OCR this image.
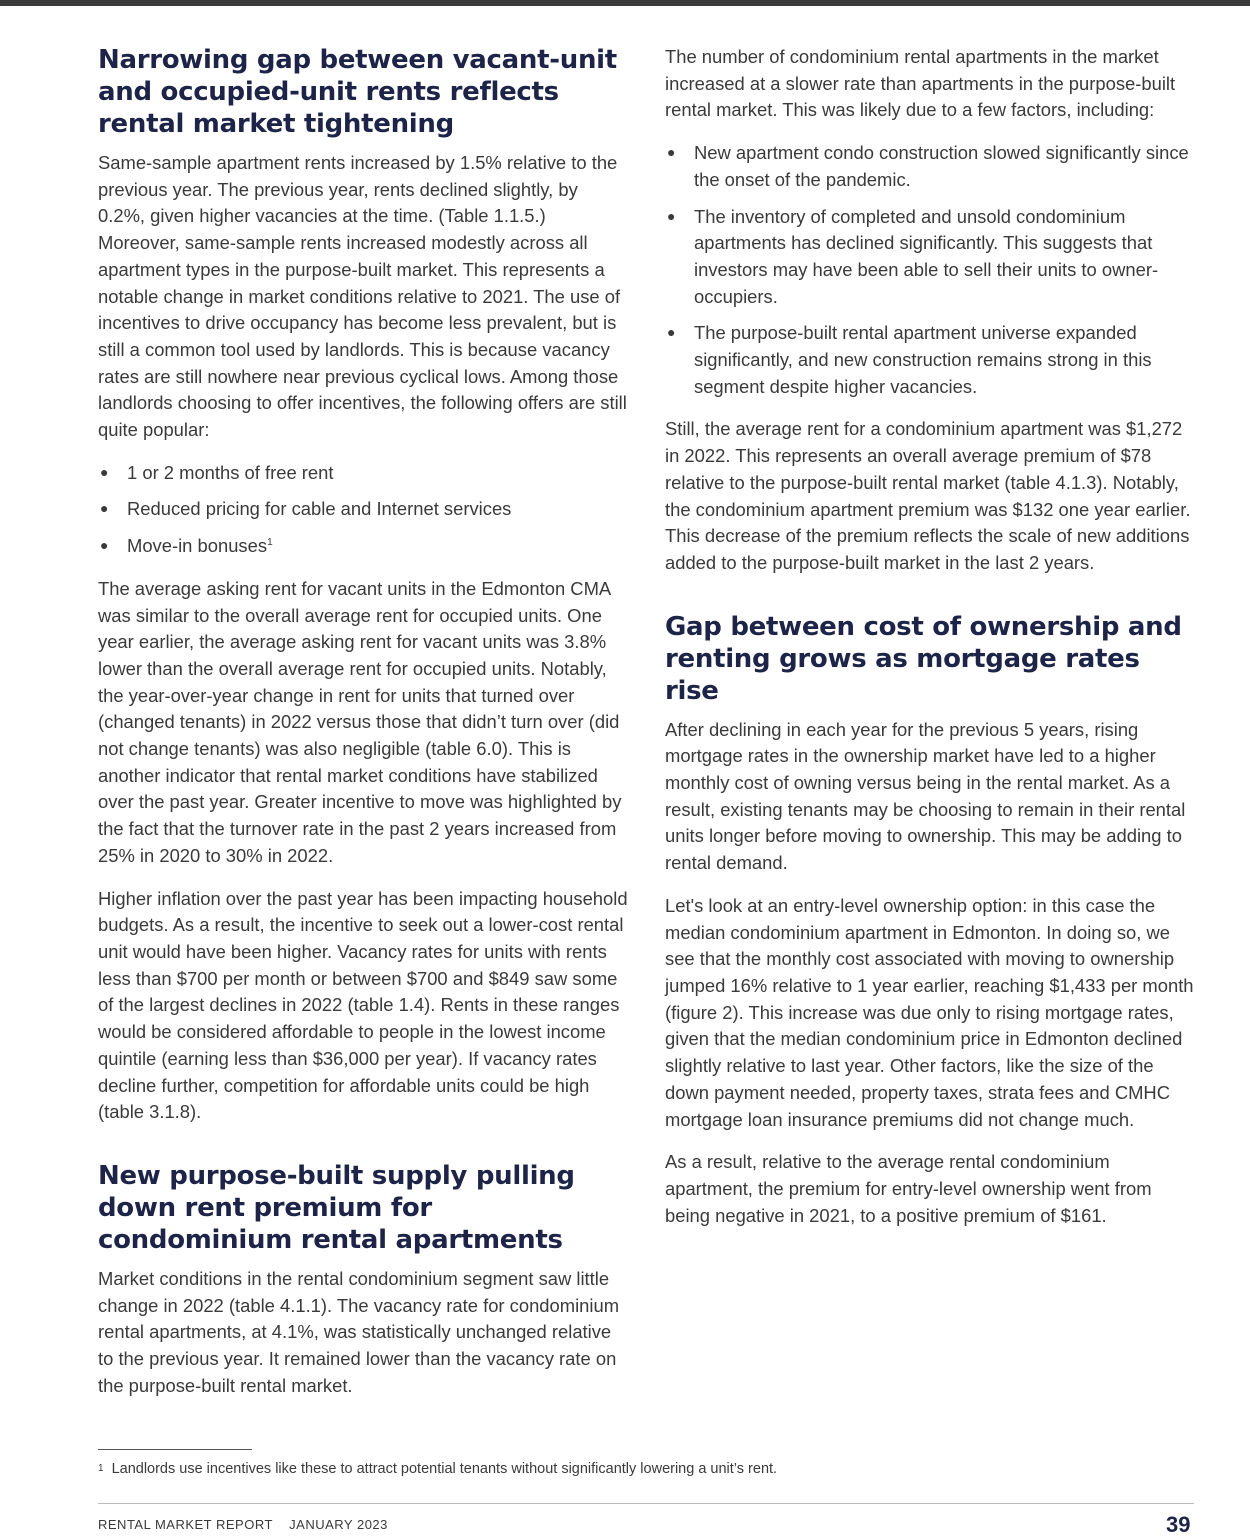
Narrowing gap between vacant-unit and occupied-unit rents reflects rental market tightening

Same-sample apartment rents increased by 1.5% relative to the previous year. The previous year, rents declined slightly, by 0.2%, given higher vacancies at the time. (Table 1.1.5.) Moreover, same-sample rents increased modestly across all apartment types in the purpose-built market. This represents a notable change in market conditions relative to 2021. The use of incentives to drive occupancy has become less prevalent, but is still a common tool used by landlords. This is because vacancy rates are still nowhere near previous cyclical lows. Among those landlords choosing to offer incentives, the following offers are still quite popular:

● 1 or 2 months of free rent
● Reduced pricing for cable and Internet services
● Move-in bonuses$^1$

The average asking rent for vacant units in the Edmonton CMA was similar to the overall average rent for occupied units. One year earlier, the average asking rent for vacant units was 3.8% lower than the overall average rent for occupied units. Notably, the year-over-year change in rent for units that turned over (changed tenants) in 2022 versus those that didn’t turn over (did not change tenants) was also negligible (table 6.0). This is another indicator that rental market conditions have stabilized over the past year. Greater incentive to move was highlighted by the fact that the turnover rate in the past 2 years increased from 25% in 2020 to 30% in 2022.

Higher inflation over the past year has been impacting household budgets. As a result, the incentive to seek out a lower-cost rental unit would have been higher. Vacancy rates for units with rents less than $700 per month or between $700 and $849 saw some of the largest declines in 2022 (table 1.4). Rents in these ranges would be considered affordable to people in the lowest income quintile (earning less than $36,000 per year). If vacancy rates decline further, competition for affordable units could be high (table 3.1.8).

New purpose-built supply pulling down rent premium for condominium rental apartments

Market conditions in the rental condominium segment saw little change in 2022 (table 4.1.1). The vacancy rate for condominium rental apartments, at 4.1%, was statistically unchanged relative to the previous year. It remained lower than the vacancy rate on the purpose-built rental market.

The number of condominium rental apartments in the market increased at a slower rate than apartments in the purpose-built rental market. This was likely due to a few factors, including:

● New apartment condo construction slowed significantly since the onset of the pandemic.
● The inventory of completed and unsold condominium apartments has declined significantly. This suggests that investors may have been able to sell their units to owner-occupiers.
● The purpose-built rental apartment universe expanded significantly, and new construction remains strong in this segment despite higher vacancies.

Still, the average rent for a condominium apartment was $1,272 in 2022. This represents an overall average premium of $78 relative to the purpose-built rental market (table 4.1.3). Notably, the condominium apartment premium was $132 one year earlier. This decrease of the premium reflects the scale of new additions added to the purpose-built market in the last 2 years.

Gap between cost of ownership and renting grows as mortgage rates rise

After declining in each year for the previous 5 years, rising mortgage rates in the ownership market have led to a higher monthly cost of owning versus being in the rental market. As a result, existing tenants may be choosing to remain in their rental units longer before moving to ownership. This may be adding to rental demand.

Let's look at an entry-level ownership option: in this case the median condominium apartment in Edmonton. In doing so, we see that the monthly cost associated with moving to ownership jumped 16% relative to 1 year earlier, reaching $1,433 per month (figure 2). This increase was due only to rising mortgage rates, given that the median condominium price in Edmonton declined slightly relative to last year. Other factors, like the size of the down payment needed, property taxes, strata fees and CMHC mortgage loan insurance premiums did not change much.

As a result, relative to the average rental condominium apartment, the premium for entry-level ownership went from being negative in 2021, to a positive premium of $161.

$^1$ Landlords use incentives like these to attract potential tenants without significantly lowering a unit’s rent.
RENTAL MARKET REPORT    JANUARY 2023	39
